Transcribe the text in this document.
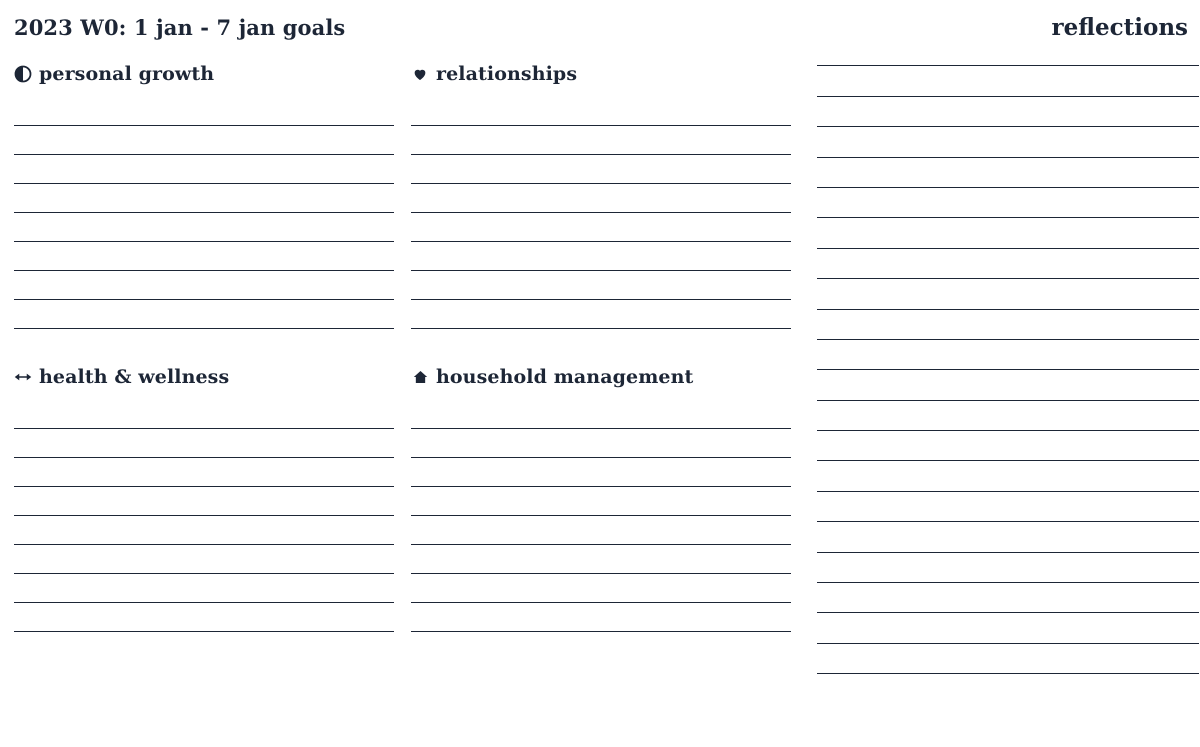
2023 W0: 1 jan - 7 jan goals	reflections
personal growth	relationships
health & wellness	household management
